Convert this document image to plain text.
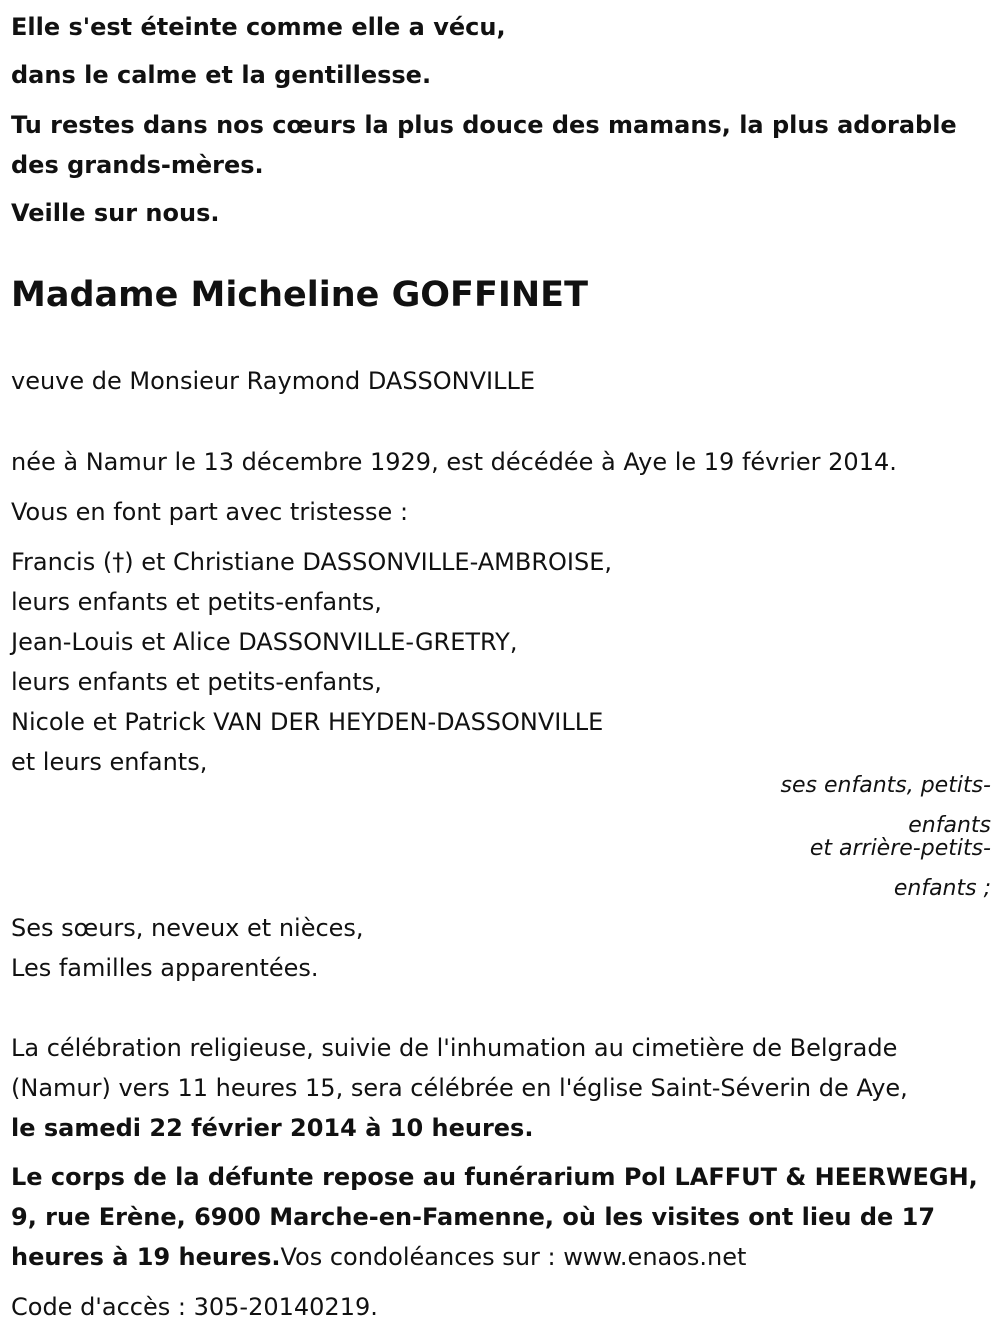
Elle s'est éteinte comme elle a vécu,
dans le calme et la gentillesse.
Tu restes dans nos cœurs la plus douce des mamans, la plus adorable
des grands-mères.
Veille sur nous.
Madame Micheline GOFFINET
veuve de Monsieur Raymond DASSONVILLE
née à Namur le 13 décembre 1929, est décédée à Aye le 19 février 2014.
Vous en font part avec tristesse :
Francis (†) et Christiane DASSONVILLE-AMBROISE,
leurs enfants et petits-enfants,
Jean-Louis et Alice DASSONVILLE-GRETRY,
leurs enfants et petits-enfants,
Nicole et Patrick VAN DER HEYDEN-DASSONVILLE
et leurs enfants,
ses enfants, petits-
enfants
et arrière-petits-
enfants ;
Ses sœurs, neveux et nièces,
Les familles apparentées.
La célébration religieuse, suivie de l'inhumation au cimetière de Belgrade
(Namur) vers 11 heures 15, sera célébrée en l'église Saint-Séverin de Aye,
le samedi 22 février 2014 à 10 heures.
Le corps de la défunte repose au funérarium Pol LAFFUT & HEERWEGH,
9, rue Erène, 6900 Marche-en-Famenne, où les visites ont lieu de 17
heures à 19 heures.Vos condoléances sur : www.enaos.net
Code d'accès : 305-20140219.
